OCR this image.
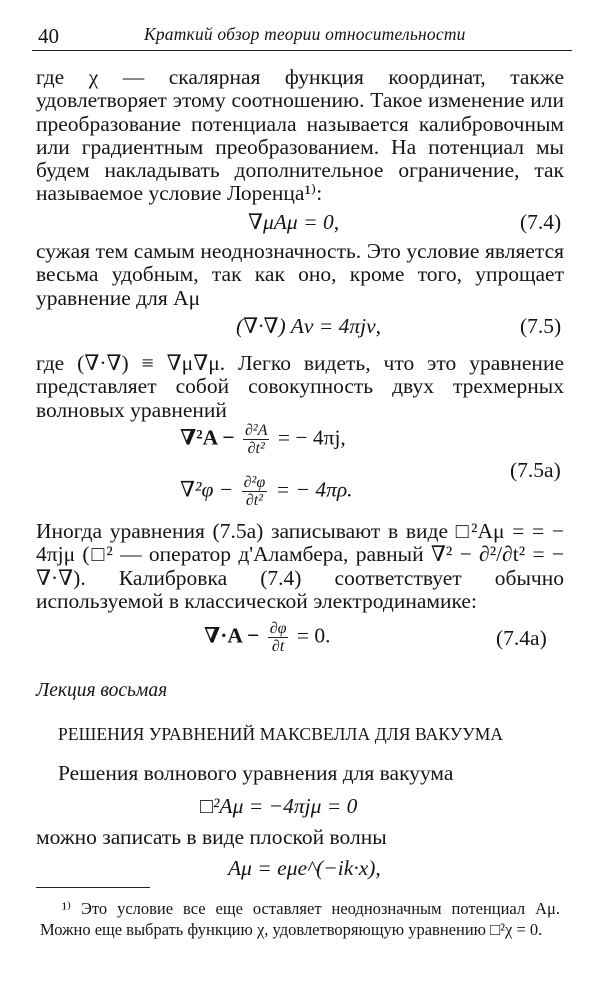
40	Краткий обзор теории относительности
где χ — скалярная функция координат, также удовлетворяет этому соотношению. Такое изменение или преобразование потенциала называется калибровочным или градиентным преобразованием. На потенциал мы будем накладывать дополнительное ограничение, так называемое условие Лоренца¹⁾:
∇μAμ = 0,	(7.4)
сужая тем самым неоднозначность. Это условие является весьма удобным, так как оно, кроме того, упрощает уравнение для Aμ
(∇·∇) Aν = 4πjν,	(7.5)
где (∇·∇) ≡ ∇μ∇μ. Легко видеть, что это уравнение представляет собой совокупность двух трехмерных волновых уравнений
$\nabla^2A - \frac{\text{∂²A}}{\text{∂t²}}$ = − 4πj,
$\nabla^2\varphi - \frac{\text{∂²φ}}{\text{∂t²}}$ = − 4πρ.
(7.5a)
Иногда уравнения (7.5a) записывают в виде □²Aμ = = − 4πjμ (□² — оператор д'Аламбера, равный ∇² − ∂²/∂t² = − ∇·∇). Калибровка (7.4) соответствует обычно используемой в классической электродинамике:
$\nabla\cdot A - \frac{\partial\varphi}{\partial t} = 0$.	(7.4a)
Лекция восьмая
РЕШЕНИЯ УРАВНЕНИЙ МАКСВЕЛЛА ДЛЯ ВАКУУМА
Решения волнового уравнения для вакуума
□²Aμ = −4πjμ = 0
можно записать в виде плоской волны
Aμ = eμe^(−ik·x),
¹⁾ Это условие все еще оставляет неоднозначным потенциал Aμ. Можно еще выбрать функцию χ, удовлетворяющую уравнению □²χ = 0.
